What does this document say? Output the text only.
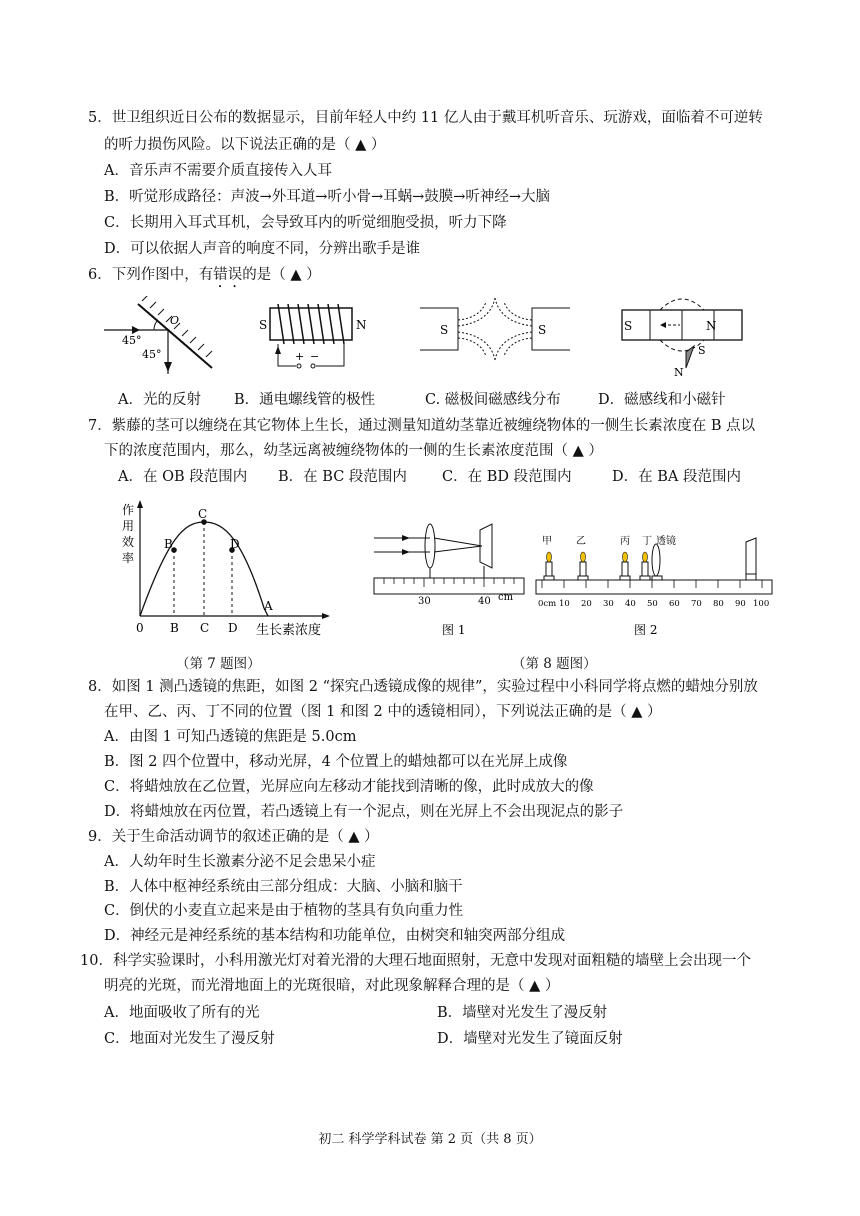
5．世卫组织近日公布的数据显示，目前年轻人中约 11 亿人由于戴耳机听音乐、玩游戏，面临着不可逆转
的听力损伤风险。以下说法正确的是（ ▲ ）
A．音乐声不需要介质直接传入人耳
B．听觉形成路径：声波→外耳道→听小骨→耳蜗→鼓膜→听神经→大脑
C．长期用入耳式耳机，会导致耳内的听觉细胞受损，听力下降
D．可以依据人声音的响度不同，分辨出歌手是谁
6．下列作图中，有错误的是（ ▲ ）
45°
45°
O	S	N
+ −
S	S	S	N
S
N
A．光的反射 B．通电螺线管的极性	C. 磁极间磁感线分布	D．磁感线和小磁针
7．紫藤的茎可以缠绕在其它物体上生长，通过测量知道幼茎靠近被缠绕物体的一侧生长素浓度在 B 点以
下的浓度范围内，那么，幼茎远离被缠绕物体的一侧的生长素浓度范围（ ▲ ）
A．在 OB 段范围内 B．在 BC 段范围内 C．在 BD 段范围内	D．在 BA 段范围内
作
用
效
率
B
C
D
A
0 B C D 生长素浓度
（第 7 题图）
30	40 cm
图 1
甲 乙	丙 丁 透镜
0cm 10 20 30 40 50 60 70 80 90 100
图 2
（第 8 题图）
8．如图 1 测凸透镜的焦距，如图 2 “探究凸透镜成像的规律”，实验过程中小科同学将点燃的蜡烛分别放
在甲、乙、丙、丁不同的位置（图 1 和图 2 中的透镜相同），下列说法正确的是（ ▲ ）
A．由图 1 可知凸透镜的焦距是 5.0cm
B．图 2 四个位置中，移动光屏，4 个位置上的蜡烛都可以在光屏上成像
C．将蜡烛放在乙位置，光屏应向左移动才能找到清晰的像，此时成放大的像
D．将蜡烛放在丙位置，若凸透镜上有一个泥点，则在光屏上不会出现泥点的影子
9．关于生命活动调节的叙述正确的是（ ▲ ）
A．人幼年时生长激素分泌不足会患呆小症
B．人体中枢神经系统由三部分组成：大脑、小脑和脑干
C．倒伏的小麦直立起来是由于植物的茎具有负向重力性
D．神经元是神经系统的基本结构和功能单位，由树突和轴突两部分组成
10．科学实验课时，小科用激光灯对着光滑的大理石地面照射，无意中发现对面粗糙的墙壁上会出现一个
明亮的光斑，而光滑地面上的光斑很暗，对此现象解释合理的是（ ▲ ）
A．地面吸收了所有的光	B．墙壁对光发生了漫反射
C．地面对光发生了漫反射	D．墙壁对光发生了镜面反射
初二 科学学科试卷 第 2 页（共 8 页）
